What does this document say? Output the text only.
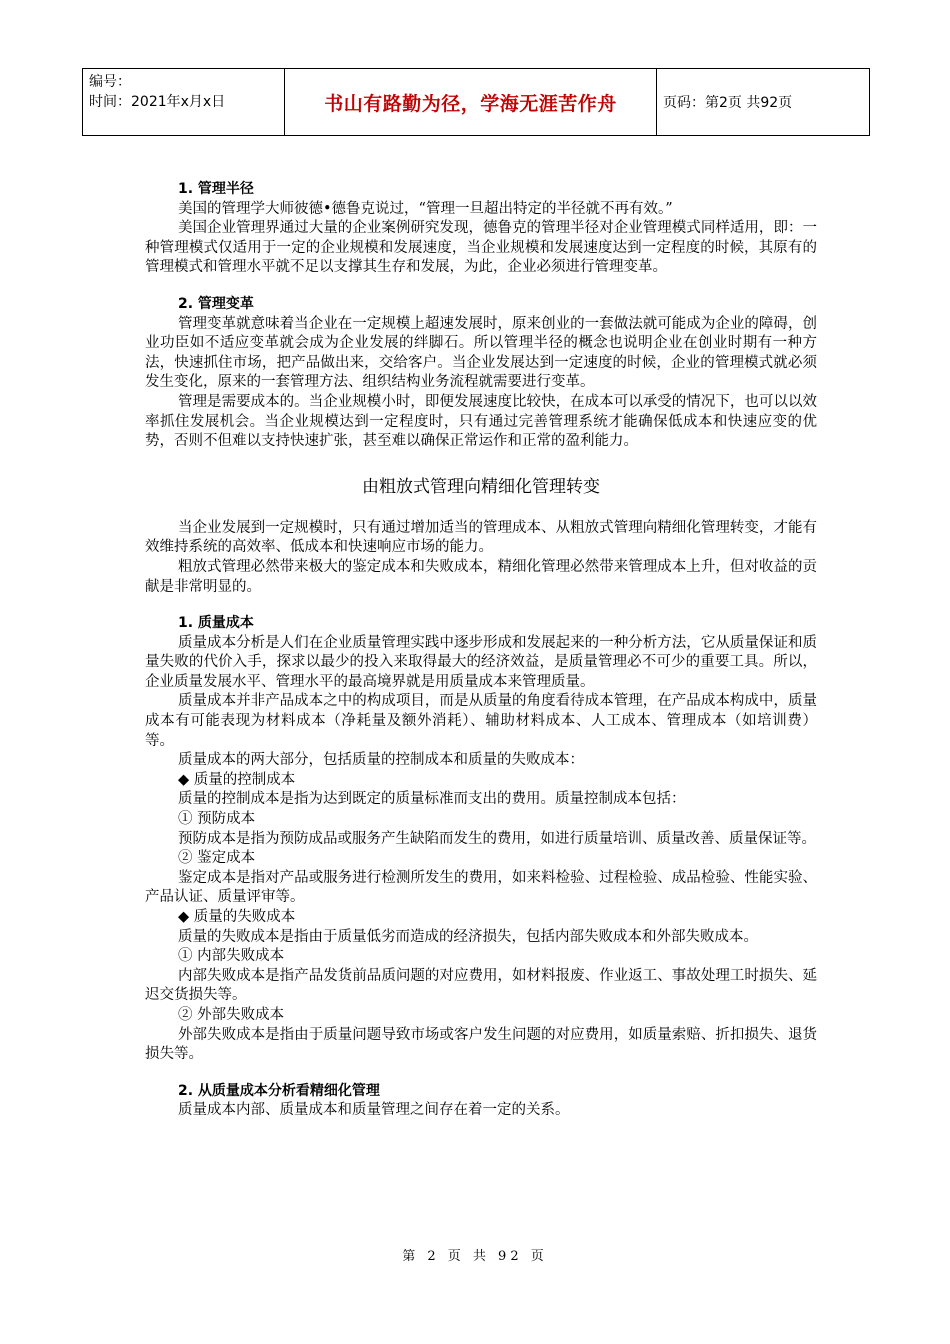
编号：
时间：2021年x月x日	书山有路勤为径，学海无涯苦作舟	页码：第2页 共92页

1. 管理半径

美国的管理学大师彼德•德鲁克说过，“管理一旦超出特定的半径就不再有效。”

美国企业管理界通过大量的企业案例研究发现，德鲁克的管理半径对企业管理模式同样适用，即：一种管理模式仅适用于一定的企业规模和发展速度，当企业规模和发展速度达到一定程度的时候，其原有的管理模式和管理水平就不足以支撑其生存和发展，为此，企业必须进行管理变革。

2. 管理变革

管理变革就意味着当企业在一定规模上超速发展时，原来创业的一套做法就可能成为企业的障碍，创业功臣如不适应变革就会成为企业发展的绊脚石。所以管理半径的概念也说明企业在创业时期有一种方法，快速抓住市场，把产品做出来，交给客户。当企业发展达到一定速度的时候，企业的管理模式就必须发生变化，原来的一套管理方法、组织结构业务流程就需要进行变革。

管理是需要成本的。当企业规模小时，即便发展速度比较快，在成本可以承受的情况下，也可以以效率抓住发展机会。当企业规模达到一定程度时，只有通过完善管理系统才能确保低成本和快速应变的优势，否则不但难以支持快速扩张，甚至难以确保正常运作和正常的盈利能力。

由粗放式管理向精细化管理转变

当企业发展到一定规模时，只有通过增加适当的管理成本、从粗放式管理向精细化管理转变，才能有效维持系统的高效率、低成本和快速响应市场的能力。

粗放式管理必然带来极大的鉴定成本和失败成本，精细化管理必然带来管理成本上升，但对收益的贡献是非常明显的。

1. 质量成本

质量成本分析是人们在企业质量管理实践中逐步形成和发展起来的一种分析方法，它从质量保证和质量失败的代价入手，探求以最少的投入来取得最大的经济效益，是质量管理必不可少的重要工具。所以，企业质量发展水平、管理水平的最高境界就是用质量成本来管理质量。

质量成本并非产品成本之中的构成项目，而是从质量的角度看待成本管理，在产品成本构成中，质量成本有可能表现为材料成本（净耗量及额外消耗）、辅助材料成本、人工成本、管理成本（如培训费）等。

质量成本的两大部分，包括质量的控制成本和质量的失败成本：

◆ 质量的控制成本

质量的控制成本是指为达到既定的质量标准而支出的费用。质量控制成本包括：

① 预防成本

预防成本是指为预防成品或服务产生缺陷而发生的费用，如进行质量培训、质量改善、质量保证等。

② 鉴定成本

鉴定成本是指对产品或服务进行检测所发生的费用，如来料检验、过程检验、成品检验、性能实验、产品认证、质量评审等。

◆ 质量的失败成本

质量的失败成本是指由于质量低劣而造成的经济损失，包括内部失败成本和外部失败成本。

① 内部失败成本

内部失败成本是指产品发货前品质问题的对应费用，如材料报废、作业返工、事故处理工时损失、延迟交货损失等。

② 外部失败成本

外部失败成本是指由于质量问题导致市场或客户发生问题的对应费用，如质量索赔、折扣损失、退货损失等。

2. 从质量成本分析看精细化管理

质量成本内部、质量成本和质量管理之间存在着一定的关系。

第 2 页 共 92 页
